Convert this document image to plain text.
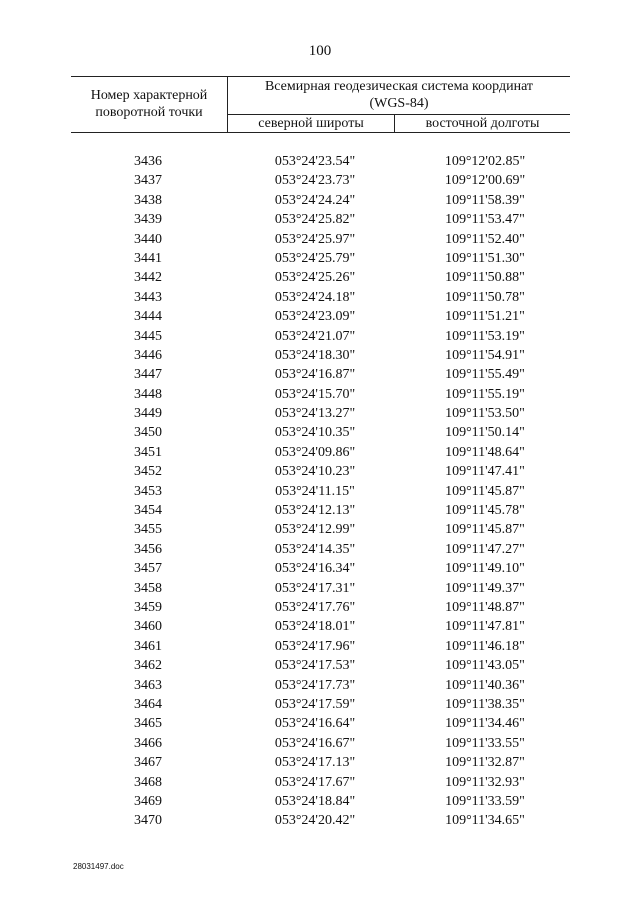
100
Номер характерной
поворотной точки
Всемирная геодезическая система координат
(WGS-84)
северной широты	восточной долготы
3436	053°24'23.54"	109°12'02.85"
3437	053°24'23.73"	109°12'00.69"
3438	053°24'24.24"	109°11'58.39"
3439	053°24'25.82"	109°11'53.47"
3440	053°24'25.97"	109°11'52.40"
3441	053°24'25.79"	109°11'51.30"
3442	053°24'25.26"	109°11'50.88"
3443	053°24'24.18"	109°11'50.78"
3444	053°24'23.09"	109°11'51.21"
3445	053°24'21.07"	109°11'53.19"
3446	053°24'18.30"	109°11'54.91"
3447	053°24'16.87"	109°11'55.49"
3448	053°24'15.70"	109°11'55.19"
3449	053°24'13.27"	109°11'53.50"
3450	053°24'10.35"	109°11'50.14"
3451	053°24'09.86"	109°11'48.64"
3452	053°24'10.23"	109°11'47.41"
3453	053°24'11.15"	109°11'45.87"
3454	053°24'12.13"	109°11'45.78"
3455	053°24'12.99"	109°11'45.87"
3456	053°24'14.35"	109°11'47.27"
3457	053°24'16.34"	109°11'49.10"
3458	053°24'17.31"	109°11'49.37"
3459	053°24'17.76"	109°11'48.87"
3460	053°24'18.01"	109°11'47.81"
3461	053°24'17.96"	109°11'46.18"
3462	053°24'17.53"	109°11'43.05"
3463	053°24'17.73"	109°11'40.36"
3464	053°24'17.59"	109°11'38.35"
3465	053°24'16.64"	109°11'34.46"
3466	053°24'16.67"	109°11'33.55"
3467	053°24'17.13"	109°11'32.87"
3468	053°24'17.67"	109°11'32.93"
3469	053°24'18.84"	109°11'33.59"
3470	053°24'20.42"	109°11'34.65"
28031497.doc
